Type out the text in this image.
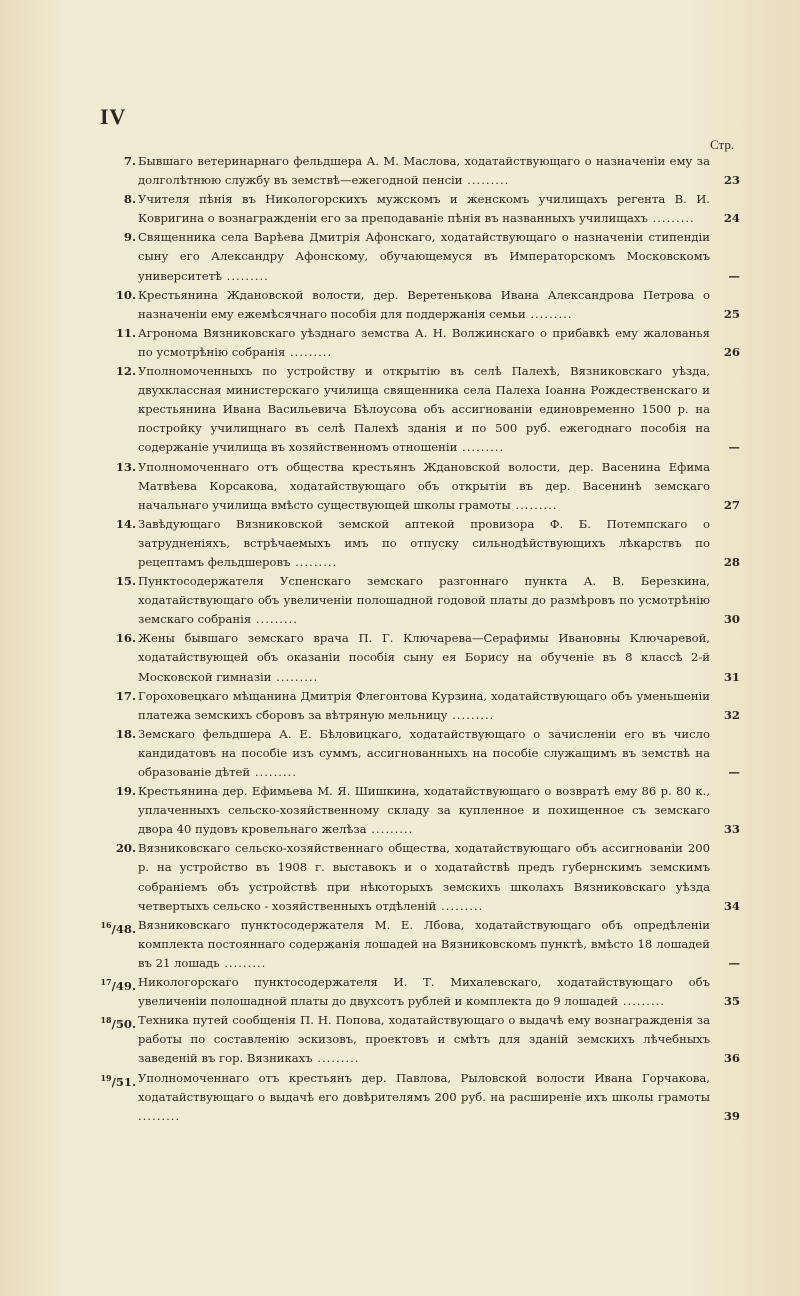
IV
Стр.
7. Бывшаго ветеринарнаго фельдшера А. М. Маслова, ходатайствующаго о назначеніи ему за долголѣтнюю службу въ земствѣ—ежегодной пенсіи .........	23
8. Учителя пѣнія въ Никологорскихъ мужскомъ и женскомъ училищахъ регента В. И. Ковригина о вознагражденіи его за преподаваніе пѣнія въ названныхъ училищахъ .........	24
9. Священника села Варѣева Дмитрія Афонскаго, ходатайствующаго о назначеніи стипендіи сыну его Александру Афонскому, обучающемуся въ Императорскомъ Московскомъ университетѣ .........	—
10. Крестьянина Ждановской волости, дер. Веретенькова Ивана Александрова Петрова о назначеніи ему ежемѣсячнаго пособія для поддержанія семьи .........	25
11. Агронома Вязниковскаго уѣзднаго земства А. Н. Волжинскаго о прибавкѣ ему жалованья по усмотрѣнію собранія .........	26
12. Уполномоченныхъ по устройству и открытію въ селѣ Палехѣ, Вязниковскаго уѣзда, двухклассная министерскаго училища священника села Палеха Іоанна Рождественскаго и крестьянина Ивана Васильевича Бѣлоусова объ ассигнованіи единовременно 1500 р. на постройку училищнаго въ селѣ Палехѣ зданія и по 500 руб. ежегоднаго пособія на содержаніе училища въ хозяйственномъ отношеніи .........	—
13. Уполномоченнаго отъ общества крестьянъ Ждановской волости, дер. Васенина Ефима Матвѣева Корсакова, ходатайствующаго объ открытіи въ дер. Васенинѣ земскаго начальнаго училища вмѣсто существующей школы грамоты .........	27
14. Завѣдующаго Вязниковской земской аптекой провизора Ф. Б. Потемпскаго о затрудненіяхъ, встрѣчаемыхъ имъ по отпуску сильнодѣйствующихъ лѣкарствъ по рецептамъ фельдшеровъ .........	28
15. Пунктосодержателя Успенскаго земскаго разгоннаго пункта А. В. Березкина, ходатайствующаго объ увеличеніи полошадной годовой платы до размѣровъ по усмотрѣнію земскаго собранія .........	30
16. Жены бывшаго земскаго врача П. Г. Ключарева—Серафимы Ивановны Ключаревой, ходатайствующей объ оказаніи пособія сыну ея Борису на обученіе въ 8 классѣ 2-й Московской гимназіи .........	31
17. Гороховецкаго мѣщанина Дмитрія Флегонтова Курзина, ходатайствующаго объ уменьшеніи платежа земскихъ сборовъ за вѣтряную мельницу .........	32
18. Земскаго фельдшера А. Е. Бѣловицкаго, ходатайствующаго о зачисленіи его въ число кандидатовъ на пособіе изъ суммъ, ассигнованныхъ на пособіе служащимъ въ земствѣ на образованіе дѣтей .........	—
19. Крестьянина дер. Ефимьева М. Я. Шишкина, ходатайствующаго о возвратѣ ему 86 р. 80 к., уплаченныхъ сельско-хозяйственному складу за купленное и похищенное съ земскаго двора 40 пудовъ кровельнаго желѣза .........	33
20. Вязниковскаго сельско-хозяйственнаго общества, ходатайствующаго объ ассигнованіи 200 р. на устройство въ 1908 г. выставокъ и о ходатайствѣ предъ губернскимъ земскимъ собраніемъ объ устройствѣ при нѣкоторыхъ земскихъ школахъ Вязниковскаго уѣзда четвертыхъ сельско - хозяйственныхъ отдѣленій .........	34
$^{16}$/48. Вязниковскаго пунктосодержателя М. Е. Лбова, ходатайствующаго объ опредѣленіи комплекта постояннаго содержанія лошадей на Вязниковскомъ пунктѣ, вмѣсто 18 лошадей въ 21 лошадь .........	—
$^{17}$/49. Никологорскаго пунктосодержателя И. Т. Михалевскаго, ходатайствующаго объ увеличеніи полошадной платы до двухсотъ рублей и комплекта до 9 лошадей .........	35
$^{18}$/50. Техника путей сообщенія П. Н. Попова, ходатайствующаго о выдачѣ ему вознагражденія за работы по составленію эскизовъ, проектовъ и смѣтъ для зданій земскихъ лѣчебныхъ заведеній въ гор. Вязникахъ .........	36
$^{19}$/51. Уполномоченнаго отъ крестьянъ дер. Павлова, Рыловской волости Ивана Горчакова, ходатайствующаго о выдачѣ его довѣрителямъ 200 руб. на расширеніе ихъ школы грамоты .........	39
